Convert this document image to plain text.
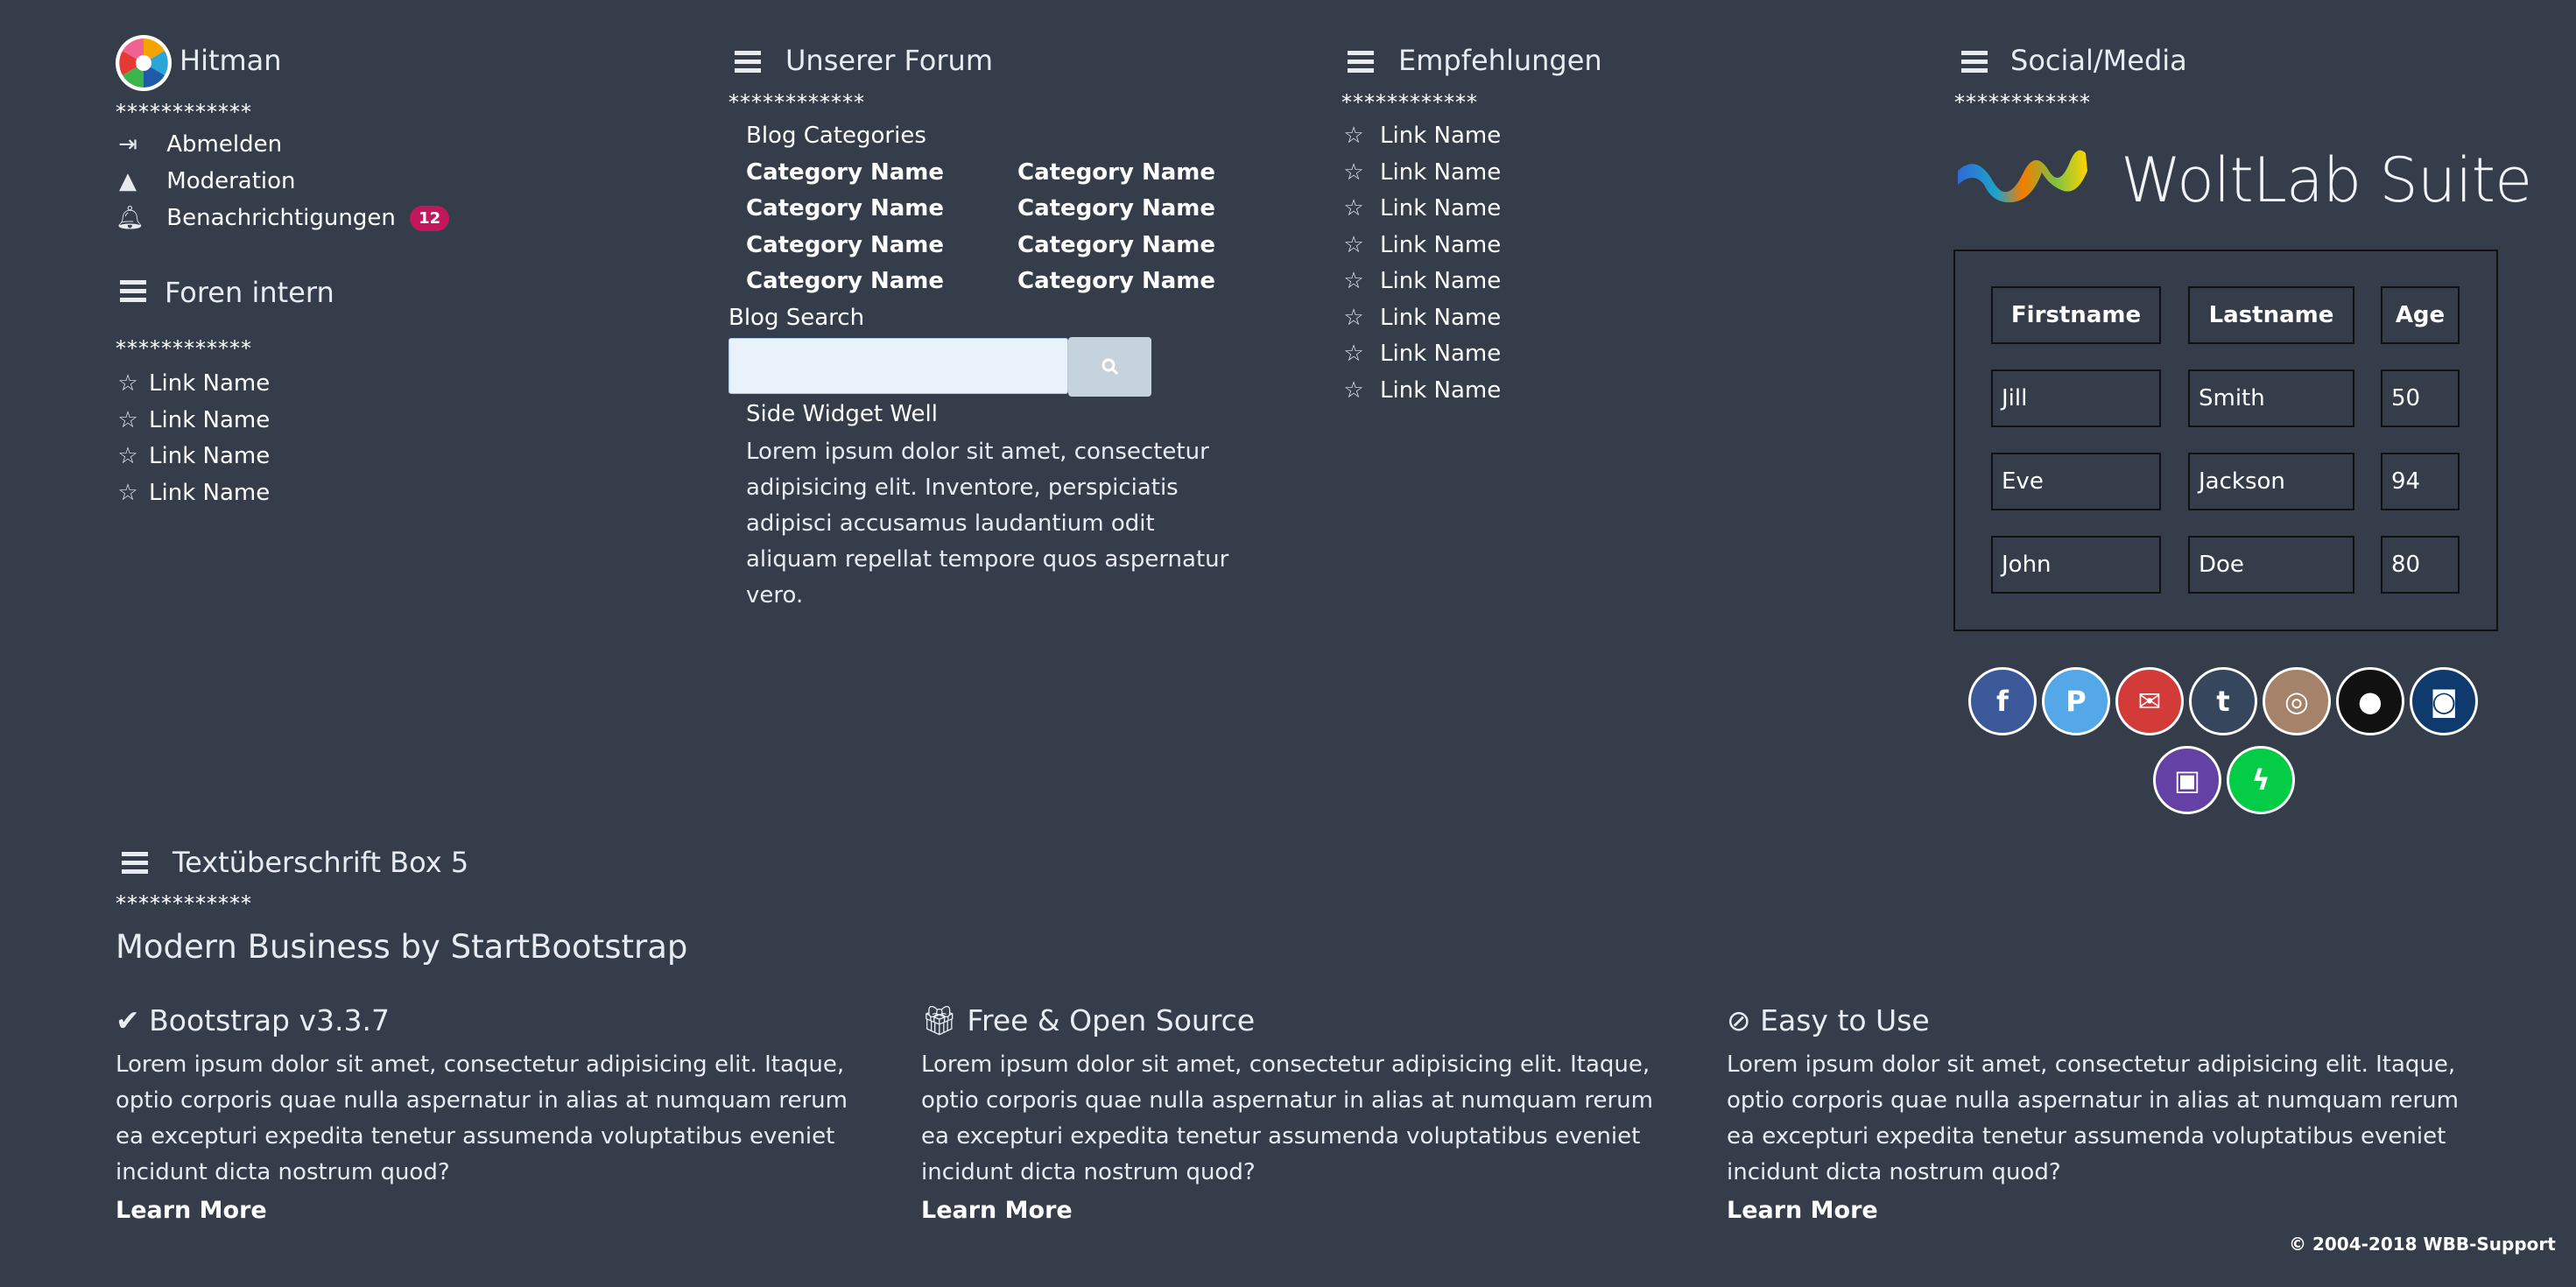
Hitman
************
⇥ Abmelden
▲ Moderation
🔔︎ Benachrichtigungen 12
Foren intern
************
☆ Link Name
☆ Link Name
☆ Link Name
☆ Link Name
Unserer Forum
************
Blog Categories
Category Name
Category Name
Category Name
Category Name
Category Name
Category Name
Category Name
Category Name
Blog Search
Side Widget Well
Lorem ipsum dolor sit amet, consectetur adipisicing elit. Inventore, perspiciatis adipisci accusamus laudantium odit aliquam repellat tempore quos aspernatur vero.
Empfehlungen
************
☆ Link Name
☆ Link Name
☆ Link Name
☆ Link Name
☆ Link Name
☆ Link Name
☆ Link Name
☆ Link Name
Social/Media
************
WoltLab Suite
Firstname	Lastname	Age
Jill	Smith	50
Eve	Jackson	94
John	Doe	80
f	P	✉	t	◎	●	◙
▣	ϟ
Textüberschrift Box 5
************
Modern Business by StartBootstrap
✔ Bootstrap v3.3.7
Lorem ipsum dolor sit amet, consectetur adipisicing elit. Itaque, optio corporis quae nulla aspernatur in alias at numquam rerum ea excepturi expedita tenetur assumenda voluptatibus eveniet incidunt dicta nostrum quod?
Learn More
🎁︎ Free & Open Source
Lorem ipsum dolor sit amet, consectetur adipisicing elit. Itaque, optio corporis quae nulla aspernatur in alias at numquam rerum ea excepturi expedita tenetur assumenda voluptatibus eveniet incidunt dicta nostrum quod?
Learn More
⊘ Easy to Use
Lorem ipsum dolor sit amet, consectetur adipisicing elit. Itaque, optio corporis quae nulla aspernatur in alias at numquam rerum ea excepturi expedita tenetur assumenda voluptatibus eveniet incidunt dicta nostrum quod?
Learn More
© 2004-2018 WBB-Support
